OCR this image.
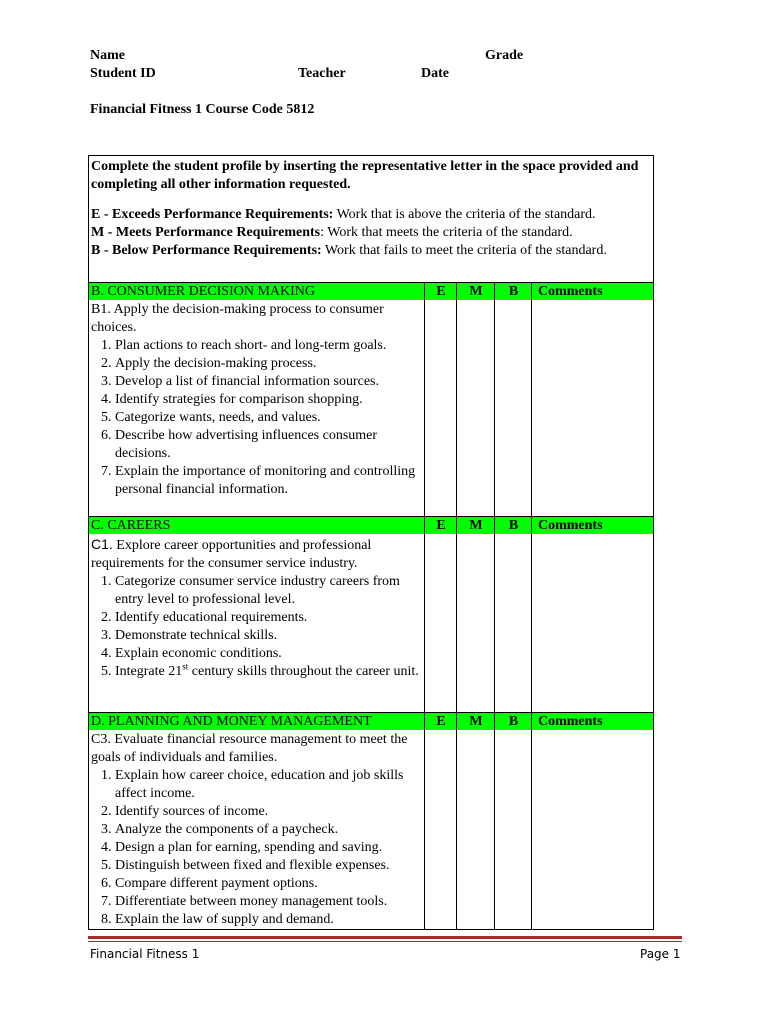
Name	Grade
Student ID	Teacher	Date
Financial Fitness 1 Course Code 5812

Complete the student profile by inserting the representative letter in the space provided and completing all other information requested.

E - Exceeds Performance Requirements: Work that is above the criteria of the standard.
M - Meets Performance Requirements: Work that meets the criteria of the standard.
B - Below Performance Requirements: Work that fails to meet the criteria of the standard.
B. CONSUMER DECISION MAKING	E	M	B	Comments

B1. Apply the decision-making process to consumer choices.

1. Plan actions to reach short- and long-term goals.
2. Apply the decision-making process.
3. Develop a list of financial information sources.
4. Identify strategies for comparison shopping.
5. Categorize wants, needs, and values.
6. Describe how advertising influences consumer decisions.
7. Explain the importance of monitoring and controlling personal financial information.
C. CAREERS	E	M	B	Comments

C1. Explore career opportunities and professional requirements for the consumer service industry.

1. Categorize consumer service industry careers from entry level to professional level.
2. Identify educational requirements.
3. Demonstrate technical skills.
4. Explain economic conditions.
5. Integrate 21st century skills throughout the career unit.
D. PLANNING AND MONEY MANAGEMENT	E	M	B	Comments

C3. Evaluate financial resource management to meet the goals of individuals and families.

1. Explain how career choice, education and job skills affect income.
2. Identify sources of income.
3. Analyze the components of a paycheck.
4. Design a plan for earning, spending and saving.
5. Distinguish between fixed and flexible expenses.
6. Compare different payment options.
7. Differentiate between money management tools.
8. Explain the law of supply and demand.
Financial Fitness 1	Page 1
